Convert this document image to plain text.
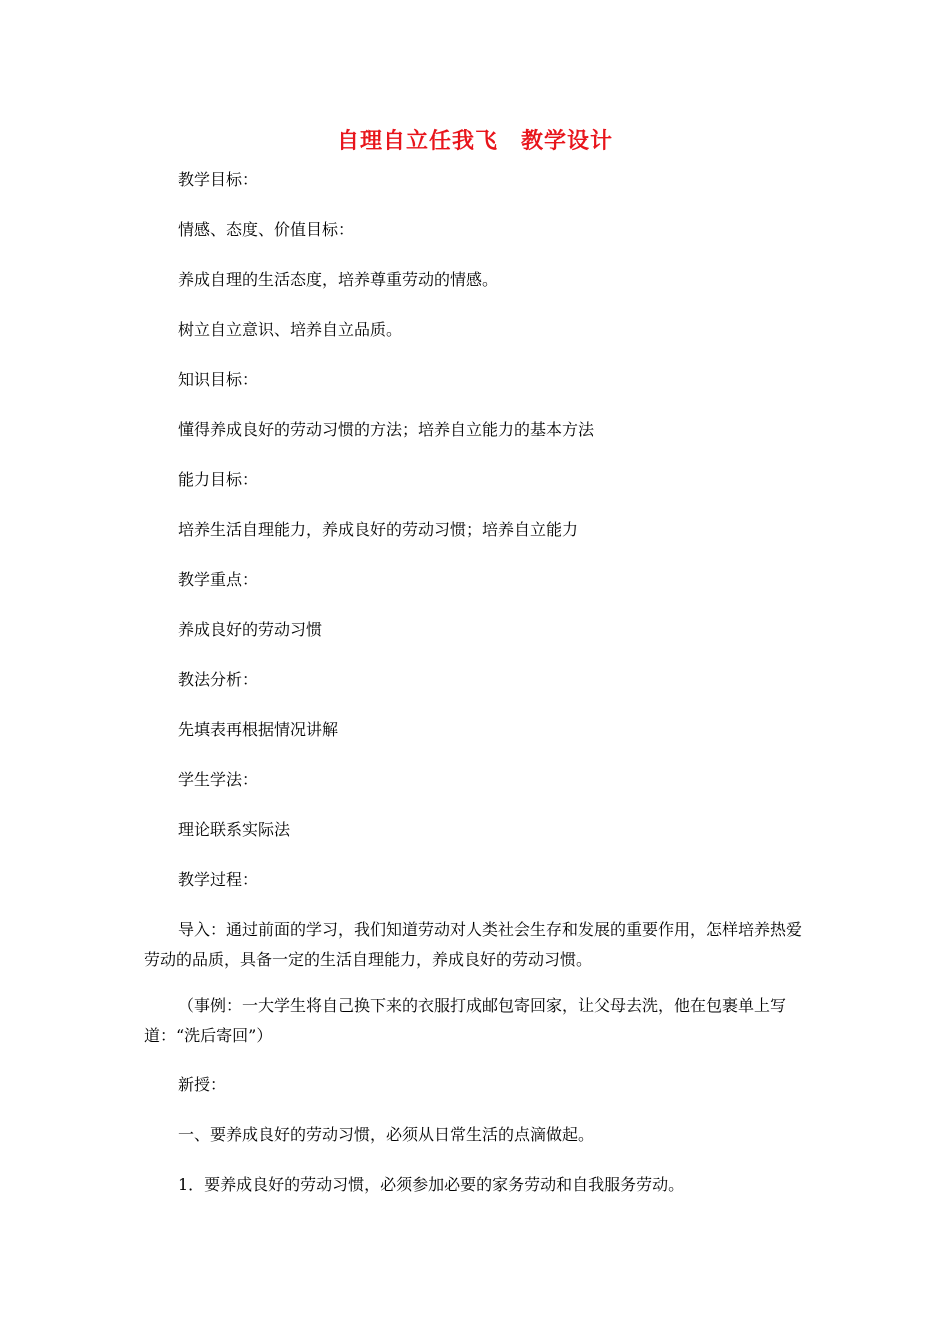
自理自立任我飞　教学设计
教学目标：
情感、态度、价值目标：
养成自理的生活态度，培养尊重劳动的情感。
树立自立意识、培养自立品质。
知识目标：
懂得养成良好的劳动习惯的方法；培养自立能力的基本方法
能力目标：
培养生活自理能力，养成良好的劳动习惯；培养自立能力
教学重点：
养成良好的劳动习惯
教法分析：
先填表再根据情况讲解
学生学法：
理论联系实际法
教学过程：
导入：通过前面的学习，我们知道劳动对人类社会生存和发展的重要作用，怎样培养热爱劳动的品质，具备一定的生活自理能力，养成良好的劳动习惯。
（事例：一大学生将自己换下来的衣服打成邮包寄回家，让父母去洗，他在包裹单上写道：“洗后寄回”）
新授：
一、要养成良好的劳动习惯，必须从日常生活的点滴做起。
1．要养成良好的劳动习惯，必须参加必要的家务劳动和自我服务劳动。
